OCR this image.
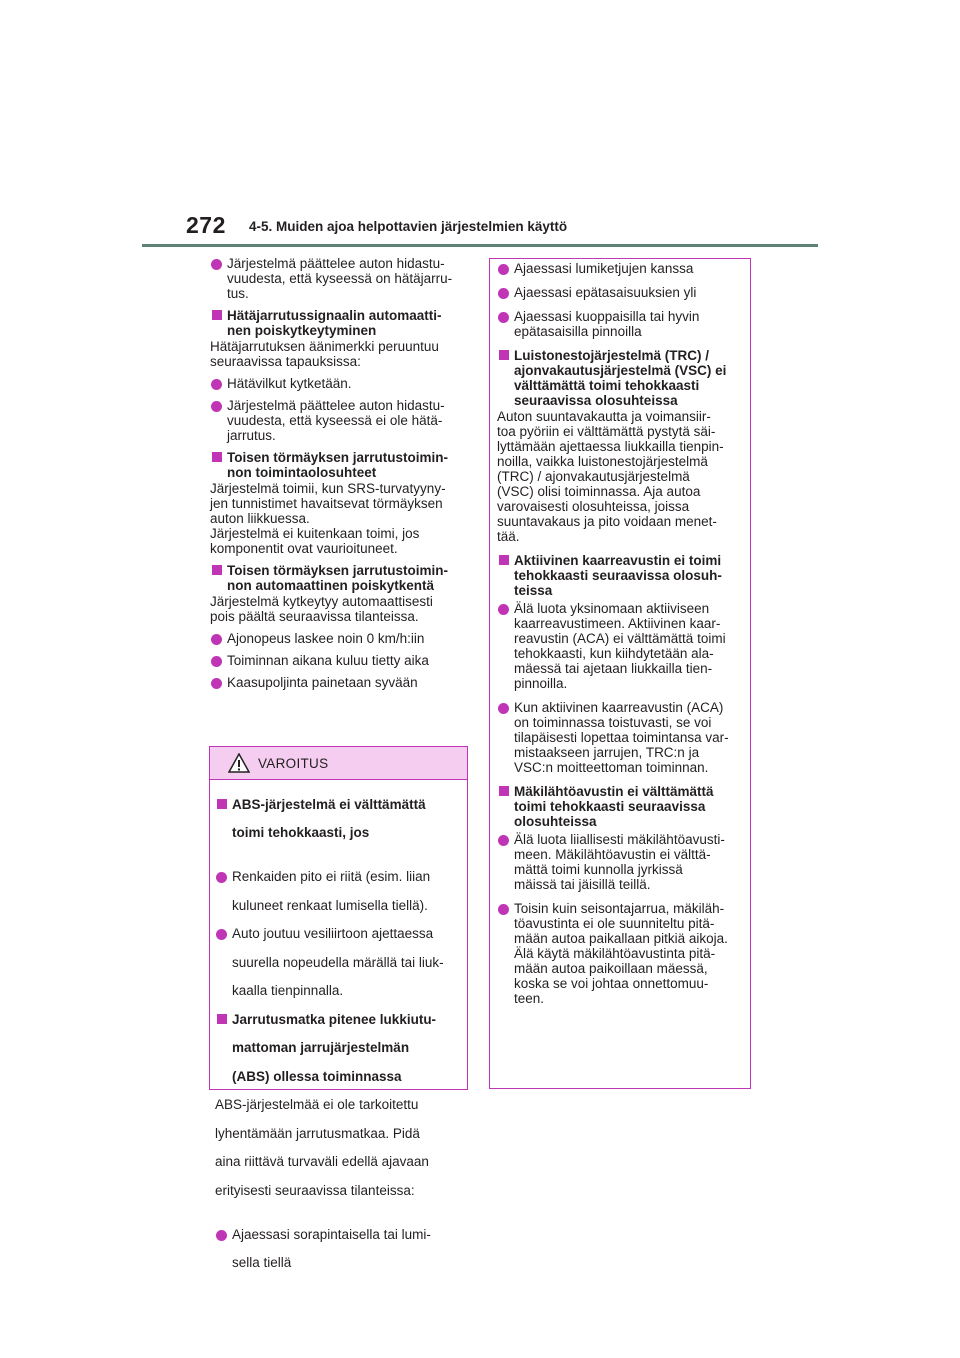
272 4-5. Muiden ajoa helpottavien järjestelmien käyttö

Järjestelmä päättelee auton hidastu-

vuudesta, että kyseessä on hätäjarru-

tus.

Hätäjarrutussignaalin automaatti-

nen poiskytkeytyminen

Hätäjarrutuksen äänimerkki peruuntuu

seuraavissa tapauksissa:

Hätävilkut kytketään.

Järjestelmä päättelee auton hidastu-

vuudesta, että kyseessä ei ole hätä-

jarrutus.

Toisen törmäyksen jarrutustoimin-

non toimintaolosuhteet

Järjestelmä toimii, kun SRS-turvatyyny-

jen tunnistimet havaitsevat törmäyksen

auton liikkuessa.

Järjestelmä ei kuitenkaan toimi, jos

komponentit ovat vaurioituneet.

Toisen törmäyksen jarrutustoimin-

non automaattinen poiskytkentä

Järjestelmä kytkeytyy automaattisesti

pois päältä seuraavissa tilanteissa.

Ajonopeus laskee noin 0 km/h:iin

Toiminnan aikana kuluu tietty aika

Kaasupoljinta painetaan syvään

VAROITUS

ABS-järjestelmä ei välttämättä

toimi tehokkaasti, jos

Renkaiden pito ei riitä (esim. liian

kuluneet renkaat lumisella tiellä).

Auto joutuu vesiliirtoon ajettaessa

suurella nopeudella märällä tai liuk-

kaalla tienpinnalla.

Jarrutusmatka pitenee lukkiutu-

mattoman jarrujärjestelmän

(ABS) ollessa toiminnassa

ABS-järjestelmää ei ole tarkoitettu

lyhentämään jarrutusmatkaa. Pidä

aina riittävä turvaväli edellä ajavaan

erityisesti seuraavissa tilanteissa:

Ajaessasi sorapintaisella tai lumi-

sella tiellä

Ajaessasi lumiketjujen kanssa

Ajaessasi epätasaisuuksien yli

Ajaessasi kuoppaisilla tai hyvin

epätasaisilla pinnoilla

Luistonestojärjestelmä (TRC) /

ajonvakautusjärjestelmä (VSC) ei

välttämättä toimi tehokkaasti

seuraavissa olosuhteissa

Auton suuntavakautta ja voimansiir-

toa pyöriin ei välttämättä pystytä säi-

lyttämään ajettaessa liukkailla tienpin-

noilla, vaikka luistonestojärjestelmä

(TRC) / ajonvakautusjärjestelmä

(VSC) olisi toiminnassa. Aja autoa

varovaisesti olosuhteissa, joissa

suuntavakaus ja pito voidaan menet-

tää.

Aktiivinen kaarreavustin ei toimi

tehokkaasti seuraavissa olosuh-

teissa

Älä luota yksinomaan aktiiviseen

kaarreavustimeen. Aktiivinen kaar-

reavustin (ACA) ei välttämättä toimi

tehokkaasti, kun kiihdytetään ala-

mäessä tai ajetaan liukkailla tien-

pinnoilla.

Kun aktiivinen kaarreavustin (ACA)

on toiminnassa toistuvasti, se voi

tilapäisesti lopettaa toimintansa var-

mistaakseen jarrujen, TRC:n ja

VSC:n moitteettoman toiminnan.

Mäkilähtöavustin ei välttämättä

toimi tehokkaasti seuraavissa

olosuhteissa

Älä luota liiallisesti mäkilähtöavusti-

meen. Mäkilähtöavustin ei välttä-

mättä toimi kunnolla jyrkissä

mäissä tai jäisillä teillä.

Toisin kuin seisontajarrua, mäkiläh-

töavustinta ei ole suunniteltu pitä-

mään autoa paikallaan pitkiä aikoja.

Älä käytä mäkilähtöavustinta pitä-

mään autoa paikoillaan mäessä,

koska se voi johtaa onnettomuu-

teen.
